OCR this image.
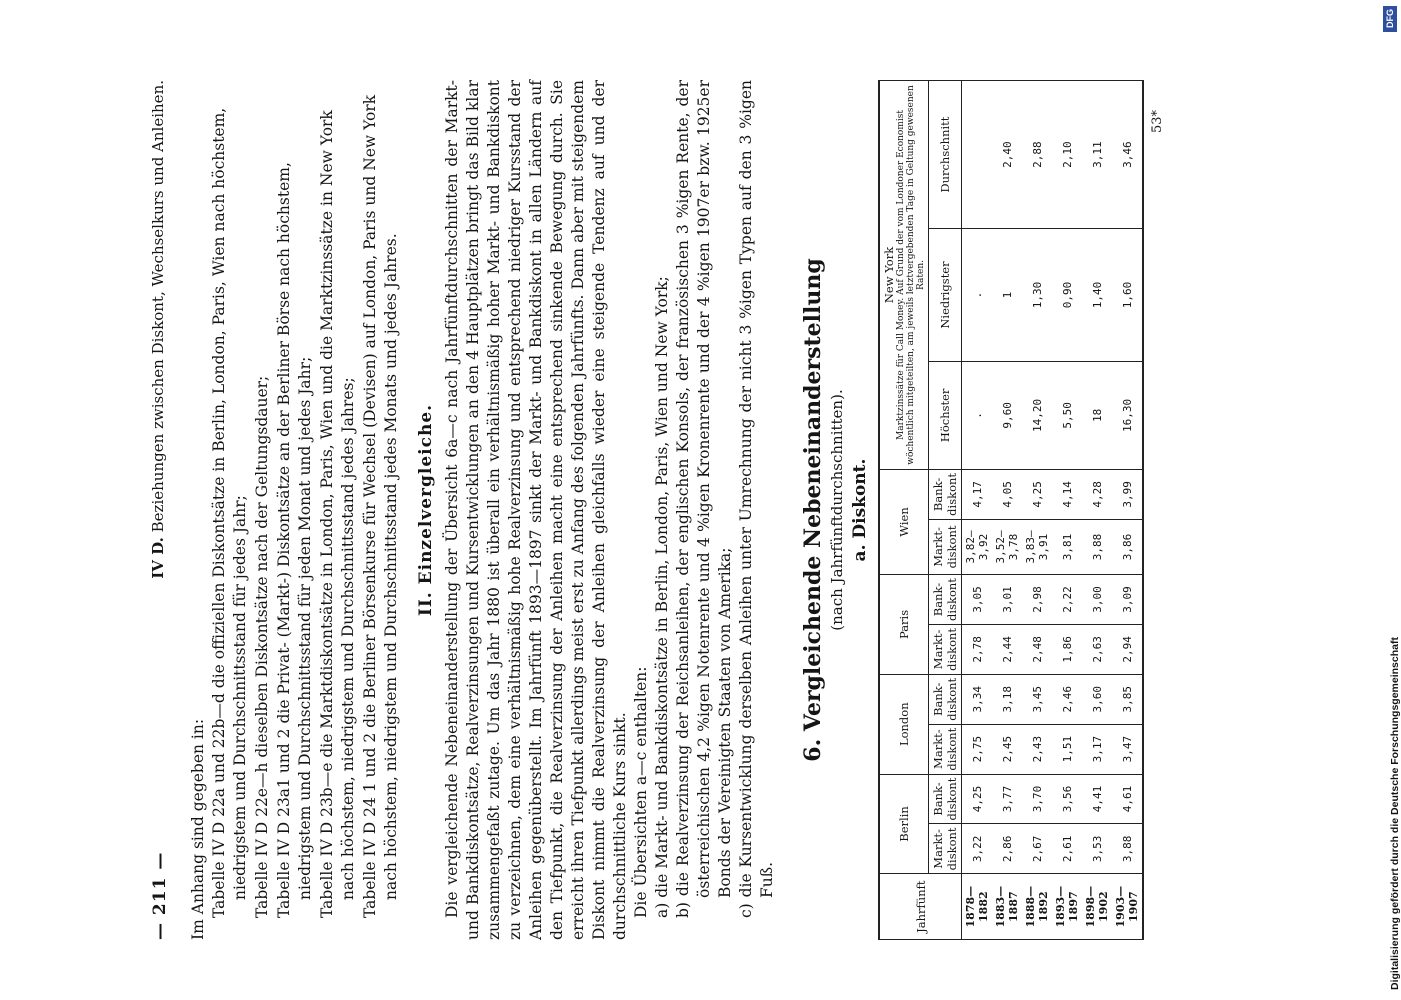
— 211 —
IV D. Beziehungen zwischen Diskont, Wechselkurs und Anleihen.

Im Anhang sind gegeben in: Tabelle IV D 22a und 22b—d die offiziellen Diskontsätze in Berlin, London, Paris, Wien nach höchstem, niedrigstem und Durchschnittsstand für jedes Jahr; Tabelle IV D 22e—h dieselben Diskontsätze nach der Geltungsdauer; Tabelle IV D 23a1 und 2 die Privat- (Markt-) Diskontsätze an der Berliner Börse nach höchstem, niedrigstem und Durchschnittsstand für jeden Monat und jedes Jahr; Tabelle IV D 23b—e die Marktdiskontsätze in London, Paris, Wien und die Marktzinssätze in New York nach höchstem, niedrigstem und Durchschnittsstand jedes Jahres; Tabelle IV D 24 1 und 2 die Berliner Börsenkurse für Wechsel (Devisen) auf London, Paris und New York nach höchstem, niedrigstem und Durchschnittsstand jedes Monats und jedes Jahres. II. Einzelvergleiche. Die vergleichende Nebeneinanderstellung der Übersicht 6a—c nach Jahrfünftdurchschnitten der Markt- und Bankdiskontsätze, Realverzinsungen und Kursentwicklungen an den 4 Hauptplätzen bringt das Bild klar zusammengefaßt zutage. Um das Jahr 1880 ist überall ein verhältnismäßig hoher Markt- und Bankdiskont zu verzeichnen, dem eine verhältnismäßig hohe Realverzinsung und entsprechend niedriger Kursstand der Anleihen gegenüberstellt. Im Jahrfünft 1893—1897 sinkt der Markt- und Bankdiskont in allen Ländern auf den Tiefpunkt, die Realverzinsung der Anleihen macht eine entsprechend sinkende Bewegung durch. Sie erreicht ihren Tiefpunkt allerdings meist erst zu Anfang des folgenden Jahrfünfts. Dann aber mit steigendem Diskont nimmt die Realverzinsung der Anleihen gleichfalls wieder eine steigende Tendenz auf und der durchschnittliche Kurs sinkt. Die Übersichten a—c enthalten: a) die Markt- und Bankdiskontsätze in Berlin, London, Paris, Wien und New York; b) die Realverzinsung der Reichsanleihen, der englischen Konsols, der französischen 3 %igen Rente, der österreichischen 4,2 %igen Notenrente und 4 %igen Kronenrente und der 4 %igen 1907er bzw. 1925er Bonds der Vereinigten Staaten von Amerika; c) die Kursentwicklung derselben Anleihen unter Umrechnung der nicht 3 %igen Typen auf den 3 %igen Fuß.
6. Vergleichende Nebeneinanderstellung (nach Jahrfünftdurchschnitten). a. Diskont.
Jahrfünft	Berlin		London		Paris		Wien		New York Marktzinssätze für Call Money. Auf Grund der vom Londoner Economist wöchentlich mitgeteilten, am jeweils letztvergebenden Tage in Geltung gewesenen Raten.		

	Markt-
diskont	Bank-
diskont	Markt-
diskont	Bank-
diskont	Markt-
diskont	Bank-
diskont	Markt-
diskont	Bank-
diskont	Höchster	Niedrigster	Durchschnitt
1878—1882	3,22	4,25	2,75	3,34	2,78	3,05	3,82—3,92	4,17	.	.	
1883—1887	2,86	3,77	2,45	3,18	2,44	3,01	3,52—3,78	4,05	9,60	1	2,40
1888—1892	2,67	3,70	2,43	3,45	2,48	2,98	3,83—3,91	4,25	14,20	1,30	2,88
1893—1897	2,61	3,56	1,51	2,46	1,86	2,22	3,81	4,14	5,50	0,90	2,10
1898—1902	3,53	4,41	3,17	3,60	2,63	3,00	3,88	4,28	18	1,40	3,11
1903—1907	3,88	4,61	3,47	3,85	2,94	3,09	3,86	3,99	16,30	1,60	3,46
53*
DFG
Digitalisierung gefördert durch die Deutsche Forschungsgemeinschaft
